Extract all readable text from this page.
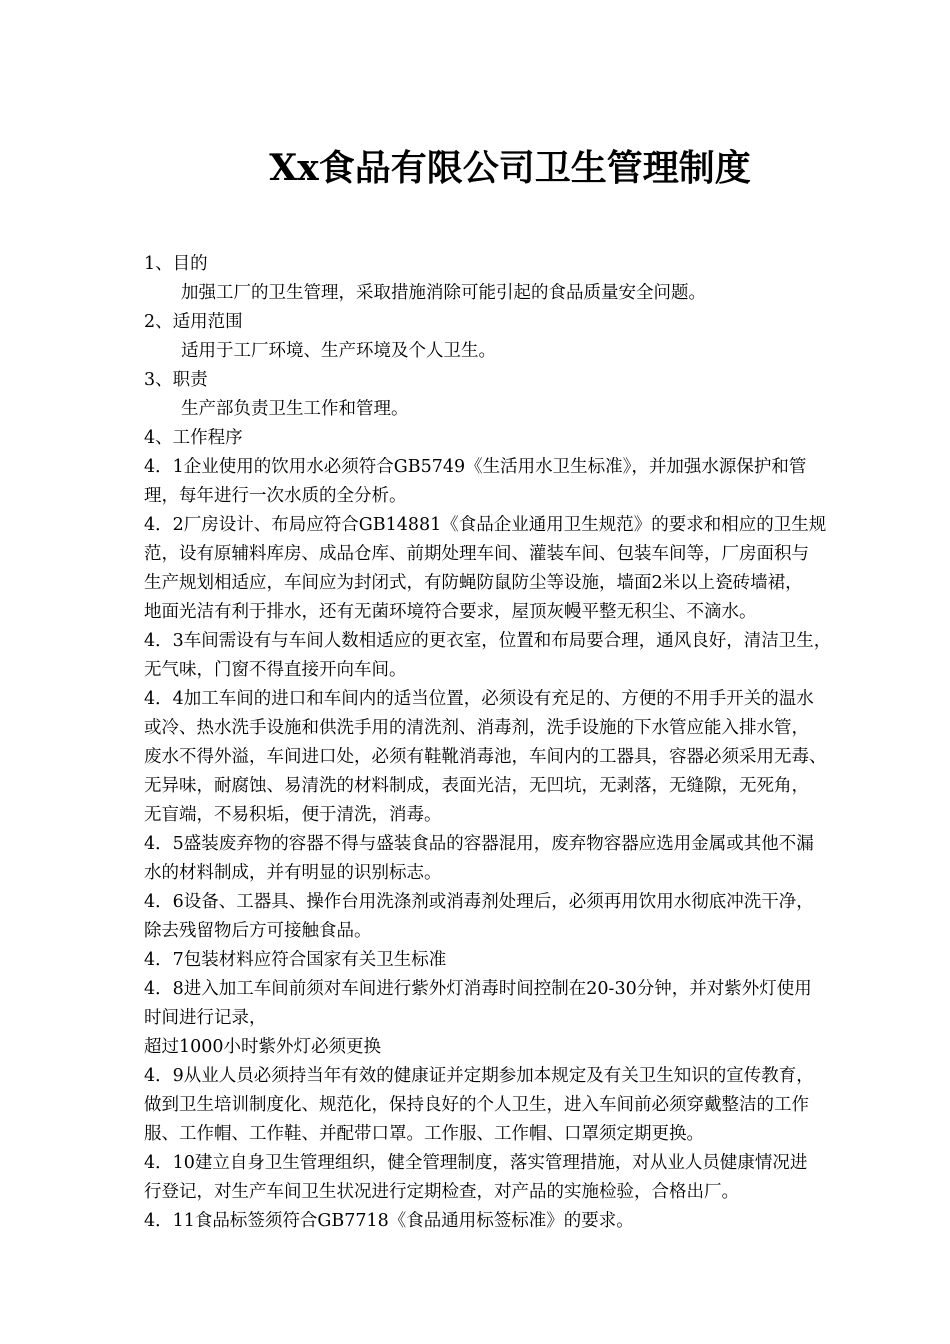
Xx食品有限公司卫生管理制度
1、目的
加强工厂的卫生管理，采取措施消除可能引起的食品质量安全问题。
2、适用范围
适用于工厂环境、生产环境及个人卫生。
3、职责
生产部负责卫生工作和管理。
4、工作程序
4．1企业使用的饮用水必须符合GB5749《生活用水卫生标准》，并加强水源保护和管
理，每年进行一次水质的全分析。
4．2厂房设计、布局应符合GB14881《食品企业通用卫生规范》的要求和相应的卫生规
范，设有原辅料库房、成品仓库、前期处理车间、灌装车间、包装车间等，厂房面积与
生产规划相适应，车间应为封闭式，有防蝇防鼠防尘等设施，墙面2米以上瓷砖墙裙，
地面光洁有利于排水，还有无菌环境符合要求，屋顶灰幔平整无积尘、不滴水。
4．3车间需设有与车间人数相适应的更衣室，位置和布局要合理，通风良好，清洁卫生，
无气味，门窗不得直接开向车间。
4．4加工车间的进口和车间内的适当位置，必须设有充足的、方便的不用手开关的温水
或冷、热水洗手设施和供洗手用的清洗剂、消毒剂，洗手设施的下水管应能入排水管，
废水不得外溢，车间进口处，必须有鞋靴消毒池，车间内的工器具，容器必须采用无毒、
无异味，耐腐蚀、易清洗的材料制成，表面光洁，无凹坑，无剥落，无缝隙，无死角，
无盲端，不易积垢，便于清洗，消毒。
4．5盛装废弃物的容器不得与盛装食品的容器混用，废弃物容器应选用金属或其他不漏
水的材料制成，并有明显的识别标志。
4．6设备、工器具、操作台用洗涤剂或消毒剂处理后，必须再用饮用水彻底冲洗干净，
除去残留物后方可接触食品。
4．7包装材料应符合国家有关卫生标准
4．8进入加工车间前须对车间进行紫外灯消毒时间控制在20-30分钟，并对紫外灯使用
时间进行记录，
超过1000小时紫外灯必须更换
4．9从业人员必须持当年有效的健康证并定期参加本规定及有关卫生知识的宣传教育，
做到卫生培训制度化、规范化，保持良好的个人卫生，进入车间前必须穿戴整洁的工作
服、工作帽、工作鞋、并配带口罩。工作服、工作帽、口罩须定期更换。
4．10建立自身卫生管理组织，健全管理制度，落实管理措施，对从业人员健康情况进
行登记，对生产车间卫生状况进行定期检查，对产品的实施检验，合格出厂。
4．11食品标签须符合GB7718《食品通用标签标准》的要求。
